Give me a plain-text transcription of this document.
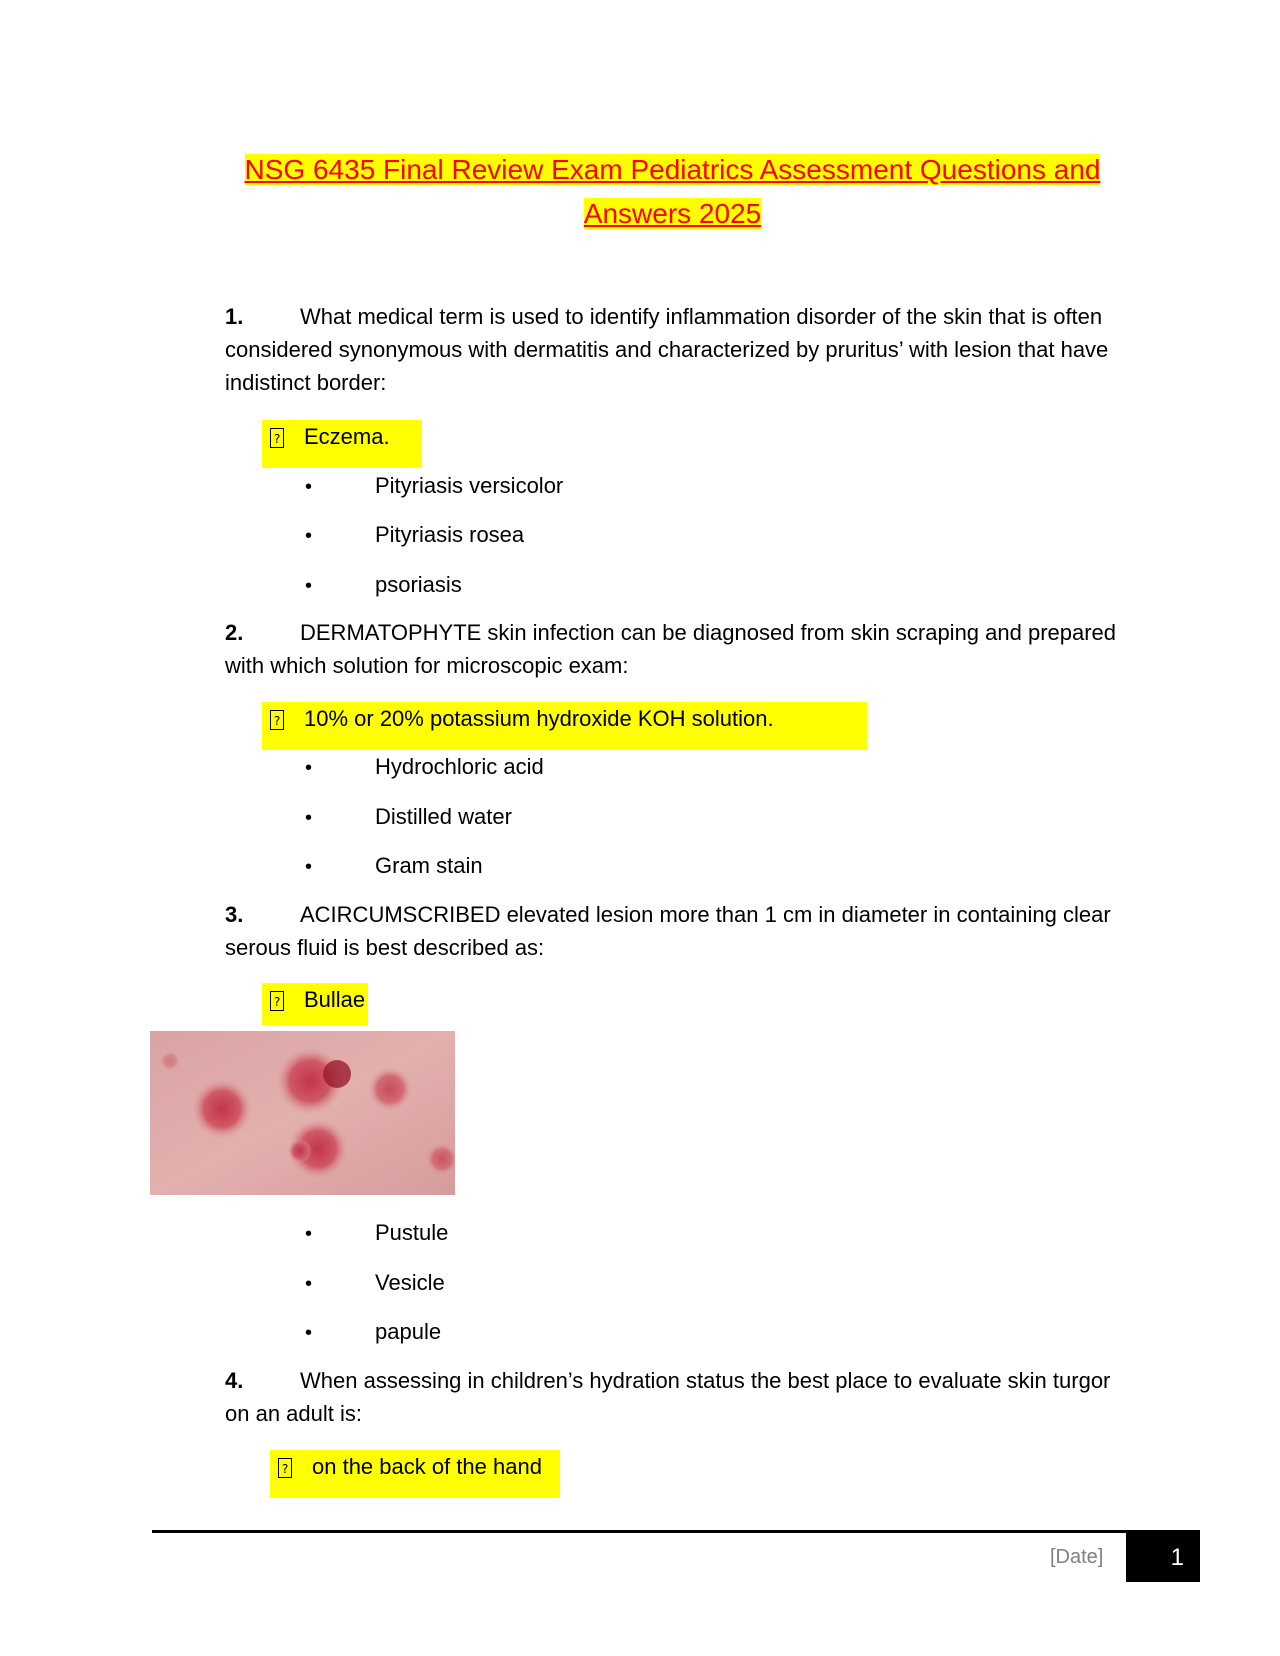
NSG 6435 Final Review Exam Pediatrics Assessment Questions and Answers 2025
1.	What medical term is used to identify inflammation disorder of the skin that is often considered synonymous with dermatitis and characterized by pruritus’ with lesion that have indistinct border:
? Eczema.
•	Pityriasis versicolor
•	Pityriasis rosea
•	psoriasis
2.	DERMATOPHYTE skin infection can be diagnosed from skin scraping and prepared with which solution for microscopic exam:
? 10% or 20% potassium hydroxide KOH solution.
•	Hydrochloric acid
•	Distilled water
•	Gram stain
3.	ACIRCUMSCRIBED elevated lesion more than 1 cm in diameter in containing clear serous fluid is best described as:
? Bullae
•	Pustule
•	Vesicle
•	papule
4.	When assessing in children’s hydration status the best place to evaluate skin turgor on an adult is:
? on the back of the hand
[Date]	1
